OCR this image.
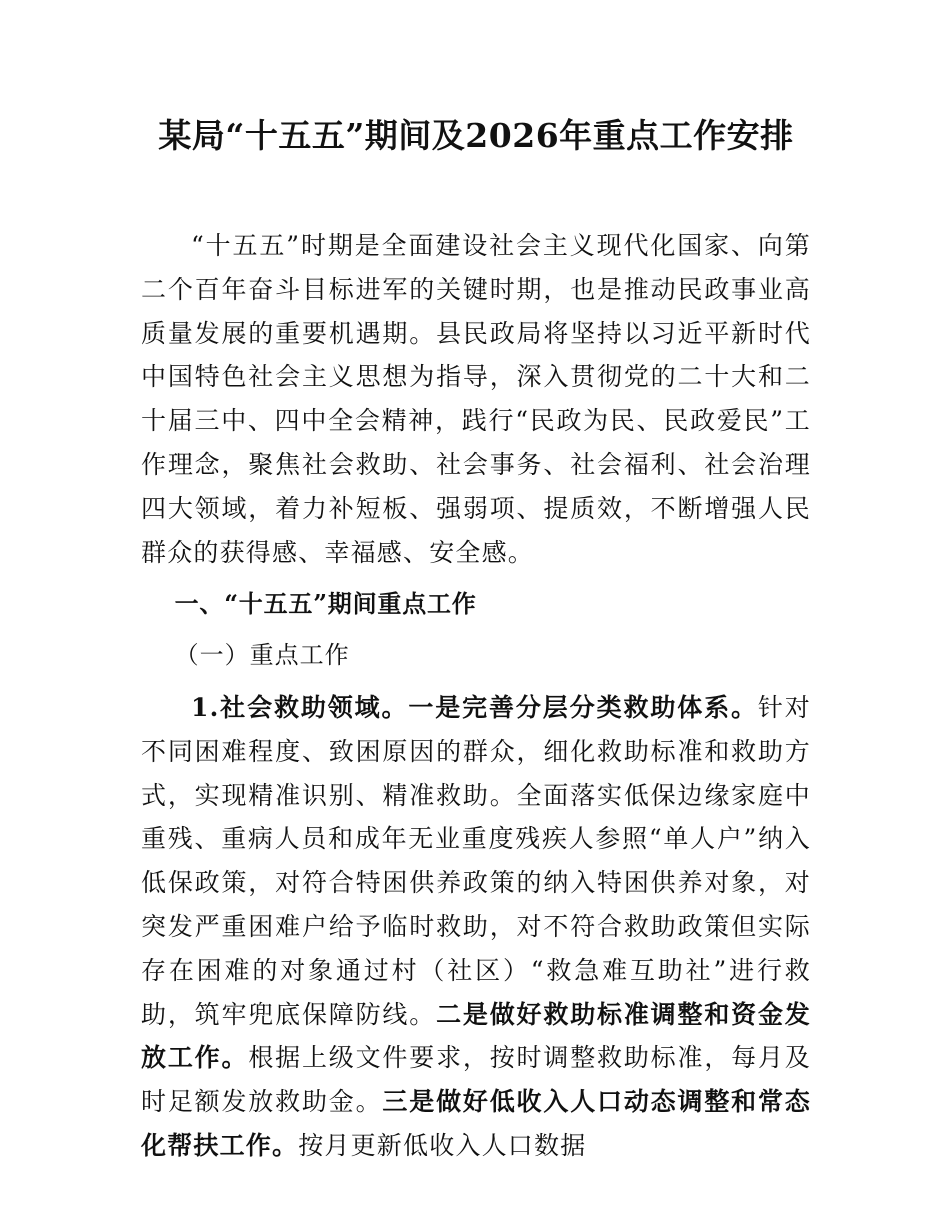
某局“十五五”期间及2026年重点工作安排

“十五五”时期是全面建设社会主义现代化国家、向第二个百年奋斗目标进军的关键时期，也是推动民政事业高质量发展的重要机遇期。县民政局将坚持以习近平新时代中国特色社会主义思想为指导，深入贯彻党的二十大和二十届三中、四中全会精神，践行“民政为民、民政爱民”工作理念，聚焦社会救助、社会事务、社会福利、社会治理四大领域，着力补短板、强弱项、提质效，不断增强人民群众的获得感、幸福感、安全感。

一、“十五五”期间重点工作

（一）重点工作

1.社会救助领域。一是完善分层分类救助体系。针对不同困难程度、致困原因的群众，细化救助标准和救助方式，实现精准识别、精准救助。全面落实低保边缘家庭中重残、重病人员和成年无业重度残疾人参照“单人户”纳入低保政策，对符合特困供养政策的纳入特困供养对象，对突发严重困难户给予临时救助，对不符合救助政策但实际存在困难的对象通过村（社区）“救急难互助社”进行救助，筑牢兜底保障防线。二是做好救助标准调整和资金发放工作。根据上级文件要求，按时调整救助标准，每月及时足额发放救助金。三是做好低收入人口动态调整和常态化帮扶工作。按月更新低收入人口数据
